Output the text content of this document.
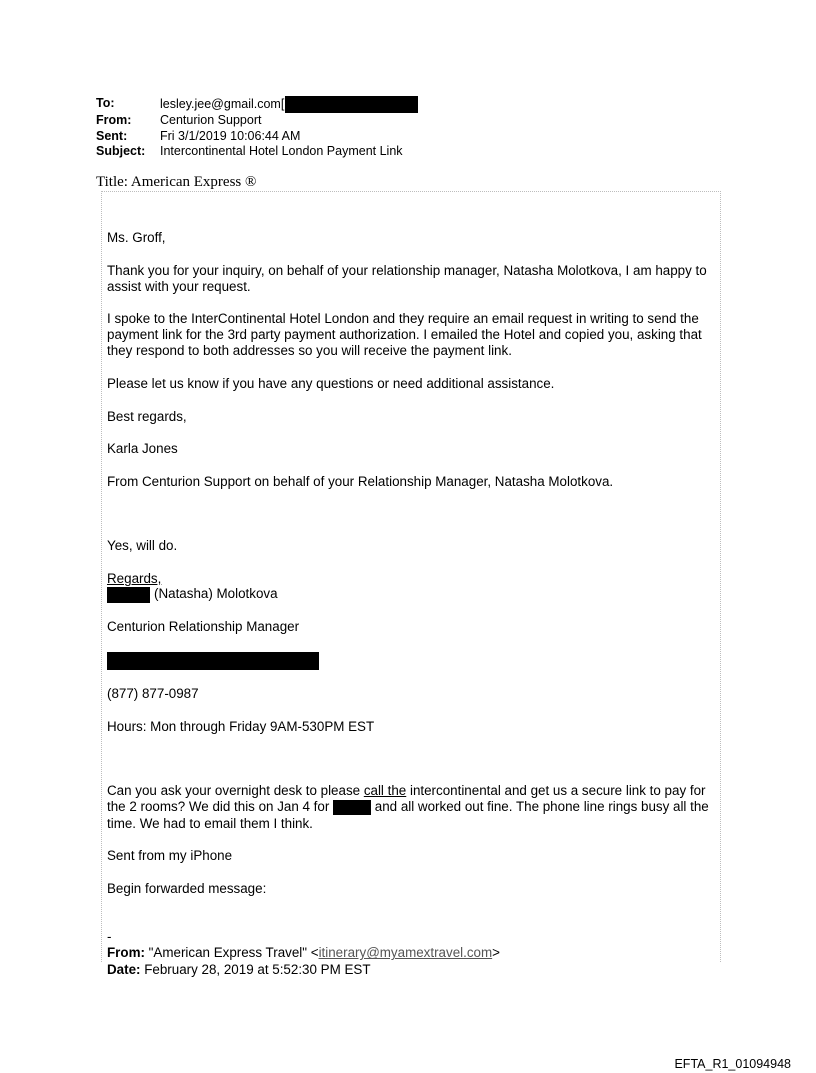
To:	lesley.jee@gmail.com[
From:	Centurion Support
Sent:	Fri 3/1/2019 10:06:44 AM
Subject:	Intercontinental Hotel London Payment Link
Title: American Express ®

Ms. Groff,

Thank you for your inquiry, on behalf of your relationship manager, Natasha Molotkova, I am happy to assist with your request.

I spoke to the InterContinental Hotel London and they require an email request in writing to send the payment link for the 3rd party payment authorization. I emailed the Hotel and copied you, asking that they respond to both addresses so you will receive the payment link.

Please let us know if you have any questions or need additional assistance.

Best regards,

Karla Jones

From Centurion Support on behalf of your Relationship Manager, Natasha Molotkova.

Yes, will do.

Regards,

(Natasha) Molotkova

Centurion Relationship Manager

(877) 877-0987

Hours: Mon through Friday 9AM-530PM EST

Can you ask your overnight desk to please call the intercontinental and get us a secure link to pay for the 2 rooms? We did this on Jan 4 for	and all worked out fine. The phone line rings busy all the time. We had to email them I think.

Sent from my iPhone

Begin forwarded message:

-
From: "American Express Travel" <itinerary@myamextravel.com>
Date: February 28, 2019 at 5:52:30 PM EST
EFTA_R1_01094948
